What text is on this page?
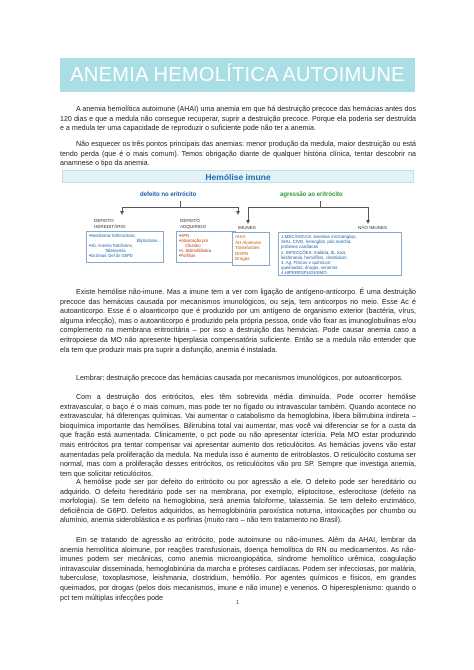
ANEMIA HEMOLÍTICA AUTOIMUNE

A anemia hemolítica autoimune (AHAI) uma anemia em que há destruição precoce das hemácias antes dos 120 dias e que a medula não consegue recuperar, suprir a destruição precoce. Porque ela poderia ser destruída e a medula ter uma capacidade de reproduzir o suficiente pode não ter a anemia.

Não esquecer os três pontos principais das anemias: menor produção da medula, maior destruição ou está tendo perda (que é o mais comum). Temos obrigação diante de qualquer história clínica, tentar descobrir na anamnese o tipo da anemia.

Hemólise imune
defeito no eritrócito	agressão ao eritrócito
DEFEITO
HEREDITÁRIO
DEFEITO
ADQUIRIDO	IMUNES	NÃO IMUNES
•Membrana: Esferocitose,
Eliptocitose...
•Hb: Anemia Falciforme,
Talassemia
•Enzimas: Def de G6PD
•HPN
•Intoxicação por
Chumbo
•A. Sideroblástica
•Porfirias
AHAI
AH Aloimune
Transfusões
DHRN
Drogas
1.MECÂNICAS: anemias microangiop.,
SHU, CIVD, hemoglob. pós marcha,
próteses cardíacas
2. INFECÇÕES: malária, tb, toxo,
leishmania, hemófilos, clostridium
3. Ag. Físicos e químicos:
queimados, drogas, venenos
4.HIPERESPLENISMO

Existe hemólise não-imune. Mas a imune tem a ver com ligação de antígeno-anticorpo. É uma destruição precoce das hemácias causada por mecanismos imunológicos, ou seja, tem anticorpos no meio. Esse Ac é autoanticorpo. Esse é o aloanticorpo que é produzido por um antígeno de organismo exterior (bactéria, vírus, alguma infecção), mas o autoanticorpo é produzido pela própria pessoa, onde vão fixar as imunoglobulinas e/ou complemento na membrana eritrocitária – por isso a destruição das hemácias. Pode causar anemia caso a eritropoiese da MO não apresente hiperplasia compensatória suficiente. Então se a medula não entender que ela tem que produzir mais pra suprir a disfunção, anemia é instalada.

Lembrar: destruição precoce das hemácias causada por mecanismos imunológicos, por autoanticorpos.

Com a destruição dos eritrócitos, eles têm sobrevida média diminuída. Pode ocorrer hemólise extravascular, o baço é o mais comum, mas pode ter no fígado ou intravascular também. Quando acontece no extravascular, há diferenças químicas. Vai aumentar o catabolismo da hemoglobina, libera bilirrubina indireta – bioquímica importante das hemólises. Bilirrubina total vai aumentar, mas você vai diferenciar se for a custa da que fração está aumentada. Clinicamente, o pct pode ou não apresentar icterícia. Pela MO estar produzindo mais eritrócitos pra tentar compensar vai apresentar aumento dos reticulócitos. As hemácias jovens vão estar aumentadas pela proliferação da medula. Na medula isso é aumento de eritroblastos. O reticulócito costuma ser normal, mas com a proliferação desses eritrócitos, os reticulócitos vão pro SP. Sempre que investiga anemia, tem que solicitar reticulócitos.

A hemólise pode ser por defeito do eritrócito ou por agressão a ele. O defeito pode ser hereditário ou adquirido. O defeito hereditário pode ser na membrana, por exemplo, eliptocitose, esferocitose (defeito na morfologia). Se tem defeito na hemoglobina, será anemia falciforme, talassemia. Se tem defeito enzimático, deficiência de G6PD. Defeitos adquiridos, as hemoglobinúria paroxística noturna, intoxicações por chumbo ou alumínio, anemia sideroblástica e as porfírias (muito raro – não tem tratamento no Brasil).

Em se tratando de agressão ao eritrócito, pode autoimune ou não-imunes. Além da AHAI, lembrar da anemia hemolítica aloimune, por reações transfusionais, doença hemolítica do RN ou medicamentos. As não-imunes podem ser mecânicas, como anemia microangiopática, síndrome hemolítico urêmica, coagulação intravascular disseminada, hemoglobinúria da marcha e próteses cardíacas. Podem ser infecciosas, por malária, tuberculose, toxoplasmose, leishmania, clostridium, hemófilo. Por agentes químicos e físicos, em grandes queimados, por drogas (pelos dois mecanismos, imune e não imune) e venenos. O hiperesplenismo: quando o pct tem múltiplas infecções pode

1
